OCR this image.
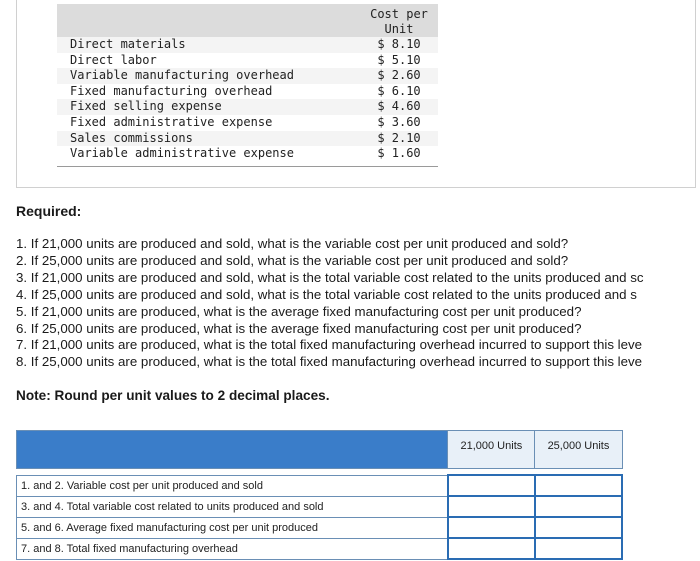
	Cost per
Unit
Direct materials	$ 8.10
Direct labor	$ 5.10
Variable manufacturing overhead	$ 2.60
Fixed manufacturing overhead	$ 6.10
Fixed selling expense	$ 4.60
Fixed administrative expense	$ 3.60
Sales commissions	$ 2.10
Variable administrative expense	$ 1.60
Required:
1. If 21,000 units are produced and sold, what is the variable cost per unit produced and sold?
2. If 25,000 units are produced and sold, what is the variable cost per unit produced and sold?
3. If 21,000 units are produced and sold, what is the total variable cost related to the units produced and sc
4. If 25,000 units are produced and sold, what is the total variable cost related to the units produced and s
5. If 21,000 units are produced, what is the average fixed manufacturing cost per unit produced?
6. If 25,000 units are produced, what is the average fixed manufacturing cost per unit produced?
7. If 21,000 units are produced, what is the total fixed manufacturing overhead incurred to support this leve
8. If 25,000 units are produced, what is the total fixed manufacturing overhead incurred to support this leve
Note: Round per unit values to 2 decimal places.
	21,000 Units	25,000 Units

1. and 2. Variable cost per unit produced and sold		
3. and 4. Total variable cost related to units produced and sold		
5. and 6. Average fixed manufacturing cost per unit produced		
7. and 8. Total fixed manufacturing overhead		
